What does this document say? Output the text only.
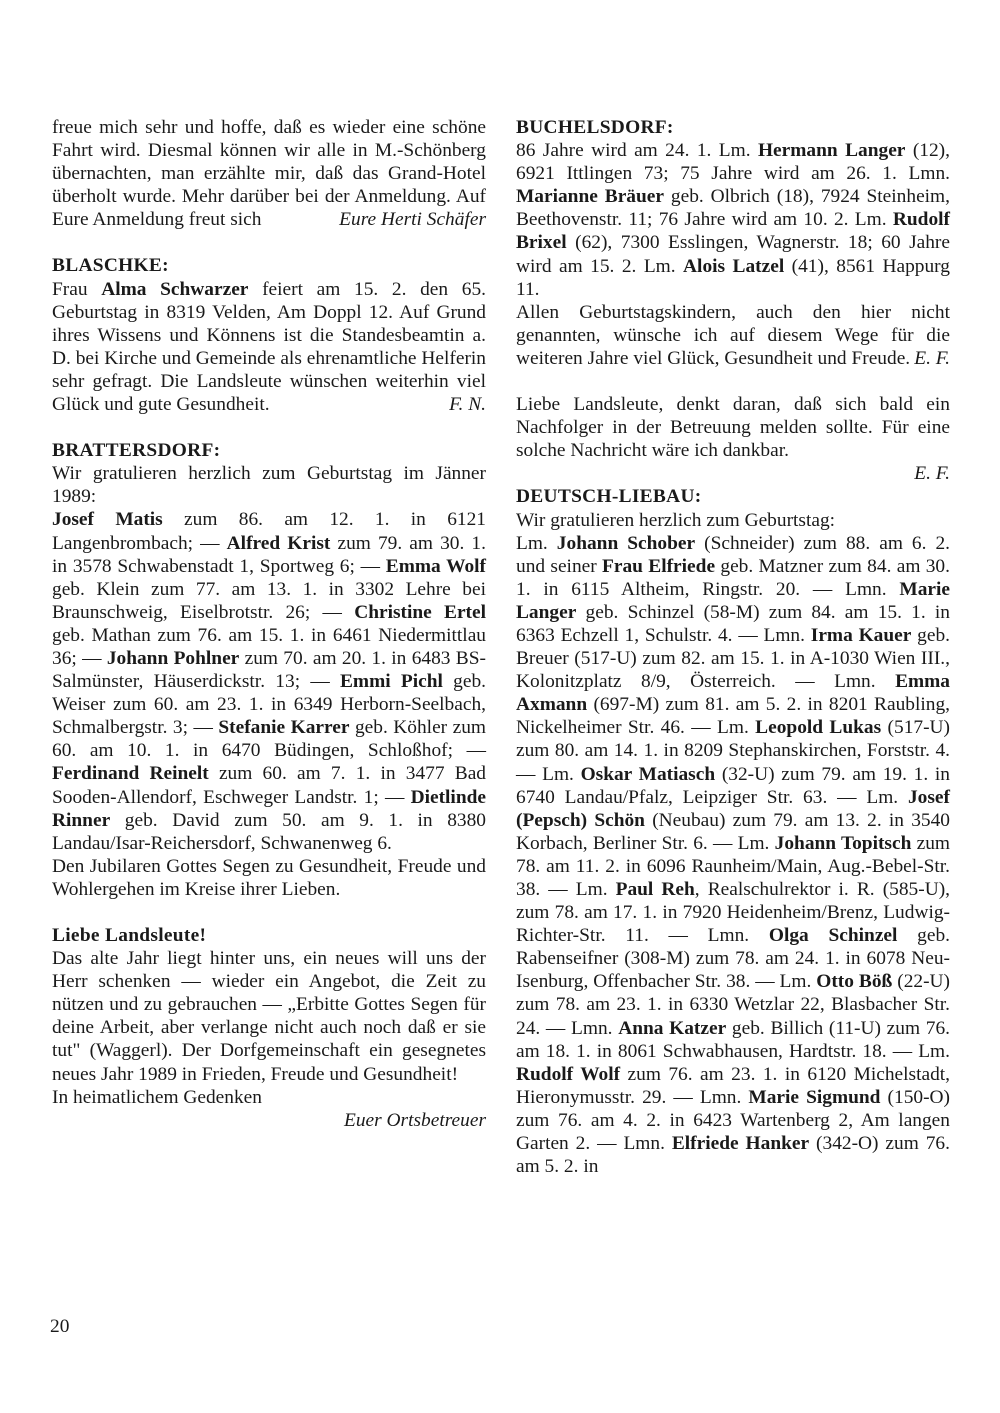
freue mich sehr und hoffe, daß es wieder eine schöne Fahrt wird. Diesmal können wir alle in M.-Schönberg übernachten, man erzählte mir, daß das Grand-Hotel überholt wurde. Mehr darüber bei der Anmeldung. Auf Eure Anmeldung freut sich	Eure Herti Schäfer

BLASCHKE:

Frau Alma Schwarzer feiert am 15. 2. den 65. Geburtstag in 8319 Velden, Am Doppl 12. Auf Grund ihres Wissens und Könnens ist die Standesbeamtin a. D. bei Kirche und Gemeinde als ehrenamtliche Helferin sehr gefragt. Die Landsleute wünschen weiterhin viel Glück und gute Gesundheit.	F. N.

BRATTERSDORF:

Wir gratulieren herzlich zum Geburtstag im Jänner 1989:

Josef Matis zum 86. am 12. 1. in 6121 Langenbrombach; — Alfred Krist zum 79. am 30. 1. in 3578 Schwabenstadt 1, Sportweg 6; — Emma Wolf geb. Klein zum 77. am 13. 1. in 3302 Lehre bei Braunschweig, Eiselbrotstr. 26; — Christine Ertel geb. Mathan zum 76. am 15. 1. in 6461 Niedermittlau 36; — Johann Pohlner zum 70. am 20. 1. in 6483 BS-Salmünster, Häuserdickstr. 13; — Emmi Pichl geb. Weiser zum 60. am 23. 1. in 6349 Herborn-Seelbach, Schmalbergstr. 3; — Stefanie Karrer geb. Köhler zum 60. am 10. 1. in 6470 Büdingen, Schloßhof; — Ferdinand Reinelt zum 60. am 7. 1. in 3477 Bad Sooden-Allendorf, Eschweger Landstr. 1; — Dietlinde Rinner geb. David zum 50. am 9. 1. in 8380 Landau/Isar-Reichersdorf, Schwanenweg 6.

Den Jubilaren Gottes Segen zu Gesundheit, Freude und Wohlergehen im Kreise ihrer Lieben.

Liebe Landsleute!

Das alte Jahr liegt hinter uns, ein neues will uns der Herr schenken — wieder ein Angebot, die Zeit zu nützen und zu gebrauchen — „Erbitte Gottes Segen für deine Arbeit, aber verlange nicht auch noch daß er sie tut" (Waggerl). Der Dorfgemeinschaft ein gesegnetes neues Jahr 1989 in Frieden, Freude und Gesundheit!

In heimatlichem Gedenken

Euer Ortsbetreuer

BUCHELSDORF:

86 Jahre wird am 24. 1. Lm. Hermann Langer (12), 6921 Ittlingen 73; 75 Jahre wird am 26. 1. Lmn. Marianne Bräuer geb. Olbrich (18), 7924 Steinheim, Beethovenstr. 11; 76 Jahre wird am 10. 2. Lm. Rudolf Brixel (62), 7300 Esslingen, Wagnerstr. 18; 60 Jahre wird am 15. 2. Lm. Alois Latzel (41), 8561 Happurg 11.

Allen Geburtstagskindern, auch den hier nicht genannten, wünsche ich auf diesem Wege für die weiteren Jahre viel Glück, Gesundheit und Freude. E. F.

Liebe Landsleute, denkt daran, daß sich bald ein Nachfolger in der Betreuung melden sollte. Für eine solche Nachricht wäre ich dankbar.

E. F.

DEUTSCH-LIEBAU:

Wir gratulieren herzlich zum Geburtstag:

Lm. Johann Schober (Schneider) zum 88. am 6. 2. und seiner Frau Elfriede geb. Matzner zum 84. am 30. 1. in 6115 Altheim, Ringstr. 20. — Lmn. Marie Langer geb. Schinzel (58-M) zum 84. am 15. 1. in 6363 Echzell 1, Schulstr. 4. — Lmn. Irma Kauer geb. Breuer (517-U) zum 82. am 15. 1. in A-1030 Wien III., Kolonitzplatz 8/9, Österreich. — Lmn. Emma Axmann (697-M) zum 81. am 5. 2. in 8201 Raubling, Nickelheimer Str. 46. — Lm. Leopold Lukas (517-U) zum 80. am 14. 1. in 8209 Stephanskirchen, Forststr. 4. — Lm. Oskar Matiasch (32-U) zum 79. am 19. 1. in 6740 Landau/Pfalz, Leipziger Str. 63. — Lm. Josef (Pepsch) Schön (Neubau) zum 79. am 13. 2. in 3540 Korbach, Berliner Str. 6. — Lm. Johann Topitsch zum 78. am 11. 2. in 6096 Raunheim/Main, Aug.-Bebel-Str. 38. — Lm. Paul Reh, Realschulrektor i. R. (585-U), zum 78. am 17. 1. in 7920 Heidenheim/Brenz, Ludwig-Richter-Str. 11. — Lmn. Olga Schinzel geb. Rabenseifner (308-M) zum 78. am 24. 1. in 6078 Neu-Isenburg, Offenbacher Str. 38. — Lm. Otto Böß (22-U) zum 78. am 23. 1. in 6330 Wetzlar 22, Blasbacher Str. 24. — Lmn. Anna Katzer geb. Billich (11-U) zum 76. am 18. 1. in 8061 Schwabhausen, Hardtstr. 18. — Lm. Rudolf Wolf zum 76. am 23. 1. in 6120 Michelstadt, Hieronymusstr. 29. — Lmn. Marie Sigmund (150-O) zum 76. am 4. 2. in 6423 Wartenberg 2, Am langen Garten 2. — Lmn. Elfriede Hanker (342-O) zum 76. am 5. 2. in

20
